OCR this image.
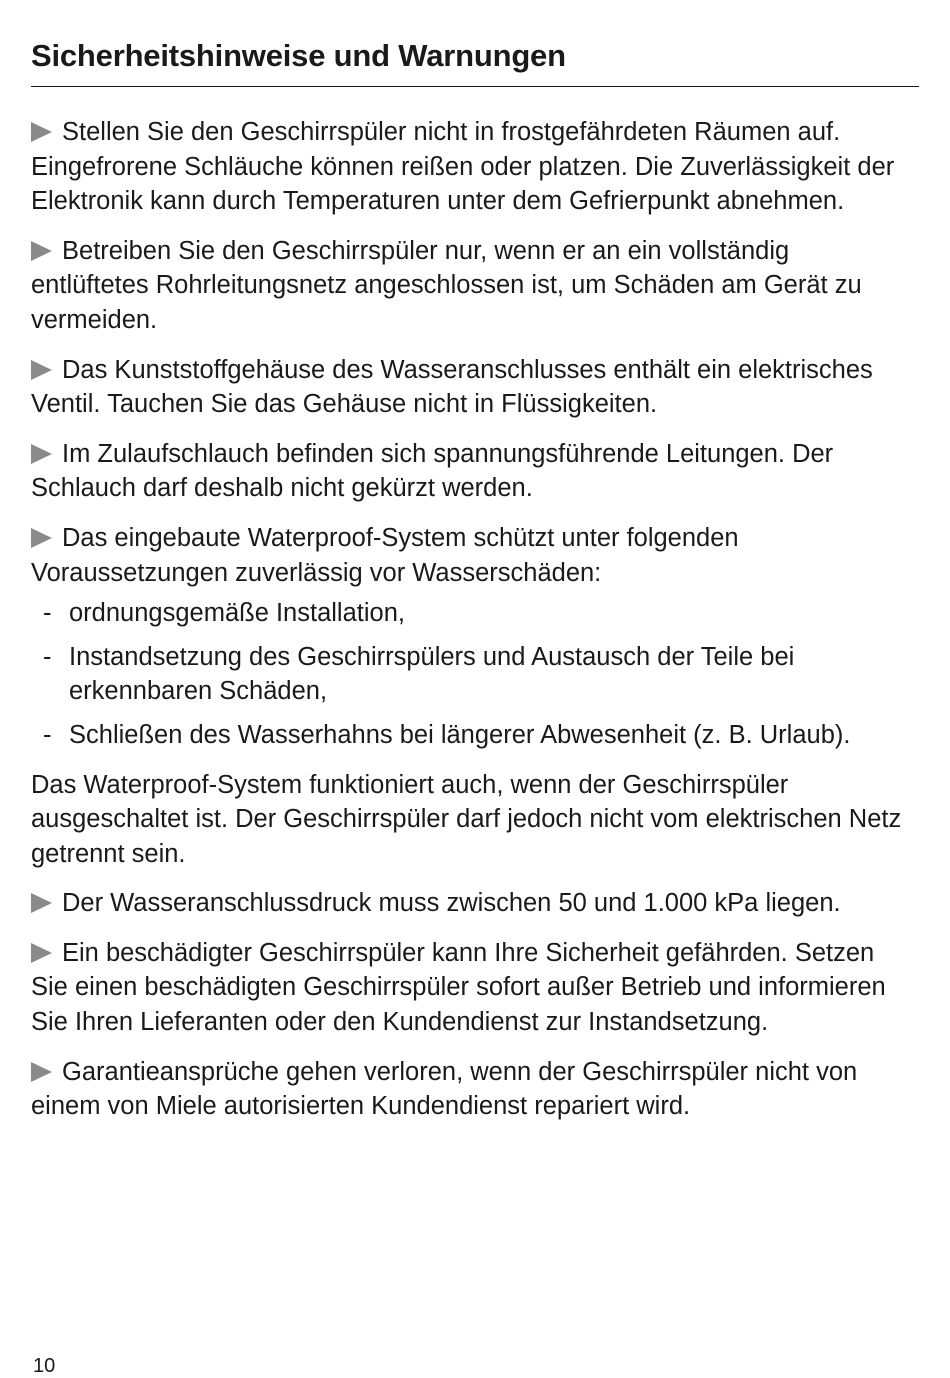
Sicherheitshinweise und Warnungen

Stellen Sie den Geschirrspüler nicht in frostgefährdeten Räumen auf. Eingefrorene Schläuche können reißen oder platzen. Die Zuverlässigkeit der Elektronik kann durch Temperaturen unter dem Gefrierpunkt abnehmen.

Betreiben Sie den Geschirrspüler nur, wenn er an ein vollständig entlüftetes Rohrleitungsnetz angeschlossen ist, um Schäden am Gerät zu vermeiden.

Das Kunststoffgehäuse des Wasseranschlusses enthält ein elektrisches Ventil. Tauchen Sie das Gehäuse nicht in Flüssigkeiten.

Im Zulaufschlauch befinden sich spannungsführende Leitungen. Der Schlauch darf deshalb nicht gekürzt werden.

Das eingebaute Waterproof-System schützt unter folgenden Voraussetzungen zuverlässig vor Wasserschäden:

- ordnungsgemäße Installation,
- Instandsetzung des Geschirrspülers und Austausch der Teile bei erkennbaren Schäden,
- Schließen des Wasserhahns bei längerer Abwesenheit (z. B. Urlaub).

Das Waterproof-System funktioniert auch, wenn der Geschirrspüler ausgeschaltet ist. Der Geschirrspüler darf jedoch nicht vom elektrischen Netz getrennt sein.

Der Wasseranschlussdruck muss zwischen 50 und 1.000 kPa liegen.

Ein beschädigter Geschirrspüler kann Ihre Sicherheit gefährden. Setzen Sie einen beschädigten Geschirrspüler sofort außer Betrieb und informieren Sie Ihren Lieferanten oder den Kundendienst zur Instandsetzung.

Garantieansprüche gehen verloren, wenn der Geschirrspüler nicht von einem von Miele autorisierten Kundendienst repariert wird.

10
